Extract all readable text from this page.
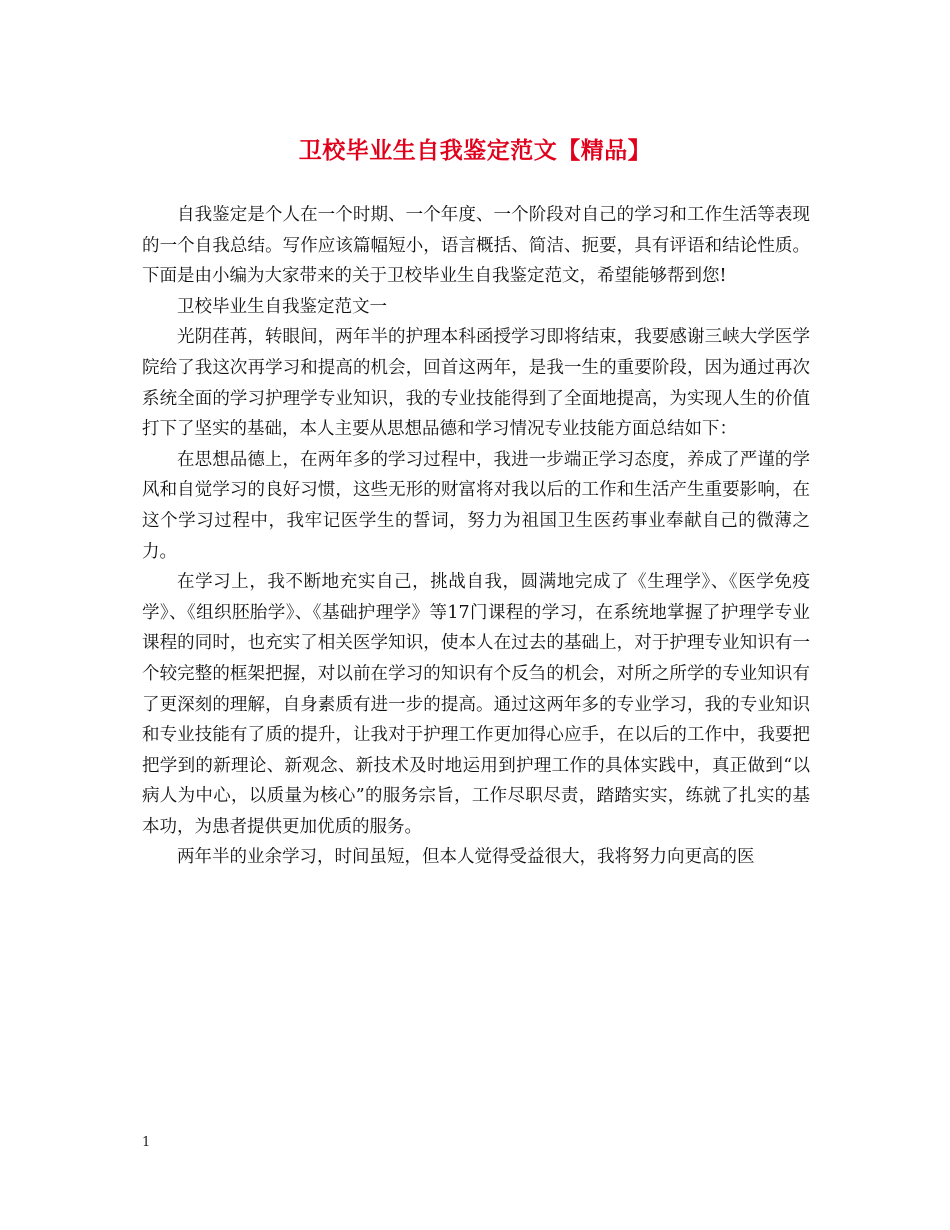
卫校毕业生自我鉴定范文【精品】

自我鉴定是个人在一个时期、一个年度、一个阶段对自己的学习和工作生活等表现的一个自我总结。写作应该篇幅短小，语言概括、简洁、扼要，具有评语和结论性质。下面是由小编为大家带来的关于卫校毕业生自我鉴定范文，希望能够帮到您!

卫校毕业生自我鉴定范文一

光阴荏苒，转眼间，两年半的护理本科函授学习即将结束，我要感谢三峡大学医学院给了我这次再学习和提高的机会，回首这两年，是我一生的重要阶段，因为通过再次系统全面的学习护理学专业知识，我的专业技能得到了全面地提高，为实现人生的价值打下了坚实的基础，本人主要从思想品德和学习情况专业技能方面总结如下：

在思想品德上，在两年多的学习过程中，我进一步端正学习态度，养成了严谨的学风和自觉学习的良好习惯，这些无形的财富将对我以后的工作和生活产生重要影响，在这个学习过程中，我牢记医学生的誓词，努力为祖国卫生医药事业奉献自己的微薄之力。

在学习上，我不断地充实自己，挑战自我，圆满地完成了《生理学》、《医学免疫学》、《组织胚胎学》、《基础护理学》等17门课程的学习，在系统地掌握了护理学专业课程的同时，也充实了相关医学知识，使本人在过去的基础上，对于护理专业知识有一个较完整的框架把握，对以前在学习的知识有个反刍的机会，对所之所学的专业知识有了更深刻的理解，自身素质有进一步的提高。通过这两年多的专业学习，我的专业知识和专业技能有了质的提升，让我对于护理工作更加得心应手，在以后的工作中，我要把把学到的新理论、新观念、新技术及时地运用到护理工作的具体实践中，真正做到“以病人为中心，以质量为核心”的服务宗旨，工作尽职尽责，踏踏实实，练就了扎实的基本功，为患者提供更加优质的服务。

两年半的业余学习，时间虽短，但本人觉得受益很大，我将努力向更高的医

1
